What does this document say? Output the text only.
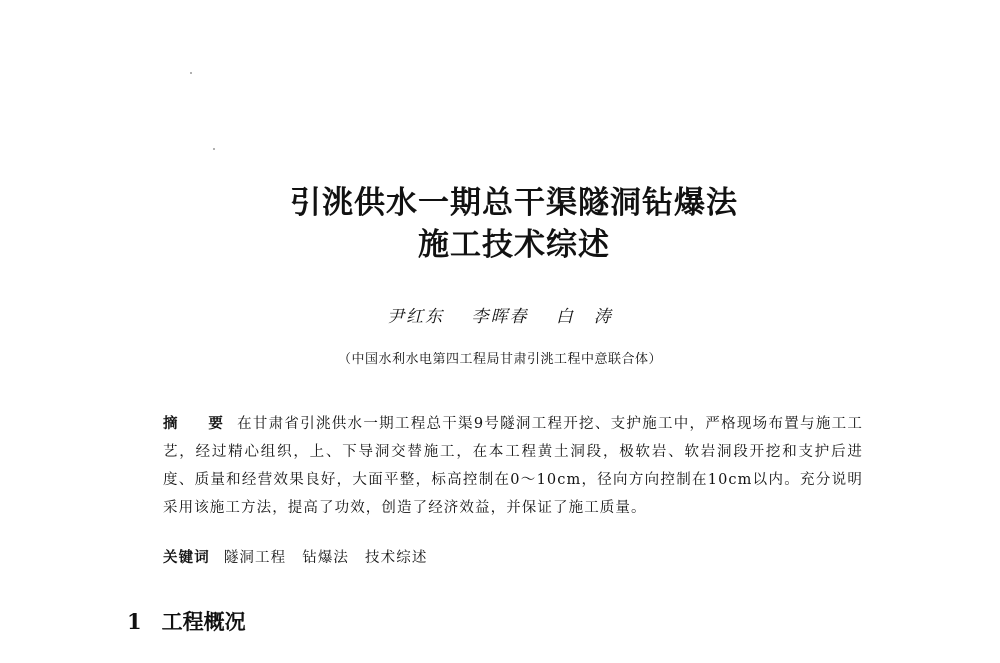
引洮供水一期总干渠隧洞钻爆法
施工技术综述
尹红东 李晖春 白　涛
（中国水利水电第四工程局甘肃引洮工程中意联合体）
摘　要 在甘肃省引洮供水一期工程总干渠9号隧洞工程开挖、支护施工中，严格现场布置与施工工艺，经过精心组织，上、下导洞交替施工，在本工程黄土洞段，极软岩、软岩洞段开挖和支护后进度、质量和经营效果良好，大面平整，标高控制在0～10cm，径向方向控制在10cm以内。充分说明采用该施工方法，提高了功效，创造了经济效益，并保证了施工质量。
关键词 隧洞工程 钻爆法 技术综述
1 工程概况
